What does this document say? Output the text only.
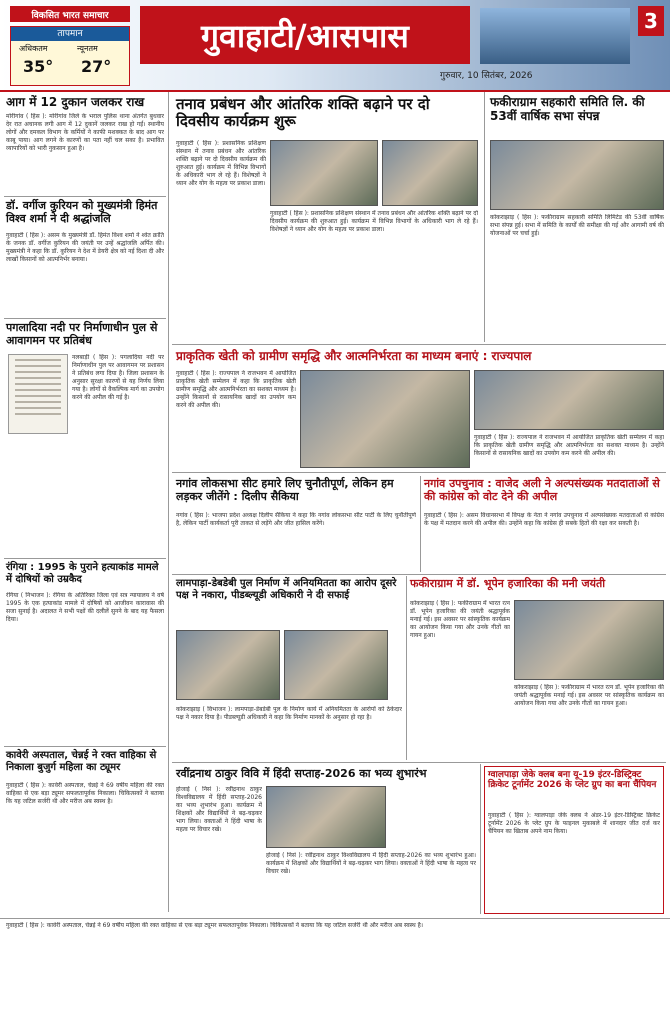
विकसित भारत समाचार
तापमान
अधिकतम	न्यूनतम
35° 27°
गुवाहाटी/आसपास	3
गुरुवार, 10 सितंबर, 2026
आग में 12 दुकान जलकर राख
मोरीगांव ( हिंस ): मोरीगांव जिले के भराल पुलिस थाना अंतर्गत बुधवार देर रात अचानक लगी आग में 12 दुकानें जलकर राख हो गईं। स्थानीय लोगों और दमकल विभाग के कर्मियों ने काफी मशक्कत के बाद आग पर काबू पाया। आग लगने के कारणों का पता नहीं चल सका है। प्रभावित व्यापारियों को भारी नुकसान हुआ है।
डॉ. वर्गीज कुरियन को मुख्यमंत्री हिमंत विश्व शर्मा ने दी श्रद्धांजलि
गुवाहाटी ( हिंस ): असम के मुख्यमंत्री डॉ. हिमंत विश्व शर्मा ने श्वेत क्रांति के जनक डॉ. वर्गीज कुरियन की जयंती पर उन्हें श्रद्धांजलि अर्पित की। मुख्यमंत्री ने कहा कि डॉ. कुरियन ने देश में डेयरी क्षेत्र को नई दिशा दी और लाखों किसानों को आत्मनिर्भर बनाया।
पगलादिया नदी पर निर्माणाधीन पुल से आवागमन पर प्रतिबंध
नलबाड़ी ( हिंस ): पगलादिया नदी पर निर्माणाधीन पुल पर आवागमन पर प्रशासन ने प्रतिबंध लगा दिया है। जिला प्रशासन के अनुसार सुरक्षा कारणों से यह निर्णय लिया गया है। लोगों से वैकल्पिक मार्ग का उपयोग करने की अपील की गई है।
रंगिया : 1995 के पुराने हत्याकांड मामले में दोषियों को उम्रकैद
रंगिया ( निभाजन ): रंगिया के अतिरिक्त जिला एवं सत्र न्यायालय ने वर्ष 1995 के एक हत्याकांड मामले में दोषियों को आजीवन कारावास की सजा सुनाई है। अदालत ने सभी पक्षों की दलीलें सुनने के बाद यह फैसला दिया।
कावेरी अस्पताल, चेन्नई ने रक्त वाहिका से निकाला बुजुर्ग महिला का ट्यूमर
गुवाहाटी ( हिंस ): कावेरी अस्पताल, चेन्नई ने 69 वर्षीय महिला की रक्त वाहिका से एक बड़ा ट्यूमर सफलतापूर्वक निकाला। चिकित्सकों ने बताया कि यह जटिल सर्जरी थी और मरीज अब स्वस्थ है।
तनाव प्रबंधन और आंतरिक शक्ति बढ़ाने पर दो दिवसीय कार्यक्रम शुरू
गुवाहाटी ( हिंस ): प्रशासनिक प्रशिक्षण संस्थान में तनाव प्रबंधन और आंतरिक शक्ति बढ़ाने पर दो दिवसीय कार्यक्रम की शुरुआत हुई। कार्यक्रम में विभिन्न विभागों के अधिकारी भाग ले रहे हैं। विशेषज्ञों ने ध्यान और योग के महत्व पर प्रकाश डाला।
गुवाहाटी ( हिंस ): प्रशासनिक प्रशिक्षण संस्थान में तनाव प्रबंधन और आंतरिक शक्ति बढ़ाने पर दो दिवसीय कार्यक्रम की शुरुआत हुई। कार्यक्रम में विभिन्न विभागों के अधिकारी भाग ले रहे हैं। विशेषज्ञों ने ध्यान और योग के महत्व पर प्रकाश डाला।
फकीराग्राम सहकारी समिति लि. की 53वीं वार्षिक सभा संपन्न
कोकराझाड़ ( हिंस ): फकीराग्राम सहकारी समिति लिमिटेड की 53वीं वार्षिक सभा संपन्न हुई। सभा में समिति के कार्यों की समीक्षा की गई और आगामी वर्ष की योजनाओं पर चर्चा हुई।
प्राकृतिक खेती को ग्रामीण समृद्धि और आत्मनिर्भरता का माध्यम बनाएं : राज्यपाल
गुवाहाटी ( हिंस ): राज्यपाल ने राजभवन में आयोजित प्राकृतिक खेती सम्मेलन में कहा कि प्राकृतिक खेती ग्रामीण समृद्धि और आत्मनिर्भरता का सशक्त माध्यम है। उन्होंने किसानों से रासायनिक खादों का उपयोग कम करने की अपील की।
गुवाहाटी ( हिंस ): राज्यपाल ने राजभवन में आयोजित प्राकृतिक खेती सम्मेलन में कहा कि प्राकृतिक खेती ग्रामीण समृद्धि और आत्मनिर्भरता का सशक्त माध्यम है। उन्होंने किसानों से रासायनिक खादों का उपयोग कम करने की अपील की।
नगांव लोकसभा सीट हमारे लिए चुनौतीपूर्ण, लेकिन हम लड़कर जीतेंगे : दिलीप सैकिया
नगांव ( हिंस ): भाजपा प्रदेश अध्यक्ष दिलीप सैकिया ने कहा कि नगांव लोकसभा सीट पार्टी के लिए चुनौतीपूर्ण है, लेकिन पार्टी कार्यकर्ता पूरी ताकत से लड़ेंगे और जीत हासिल करेंगे।
नगांव उपचुनाव : वाजेद अली ने अल्पसंख्यक मतदाताओं से की कांग्रेस को वोट देने की अपील
गुवाहाटी ( हिंस ): असम विधानसभा में विपक्ष के नेता ने नगांव उपचुनाव में अल्पसंख्यक मतदाताओं से कांग्रेस के पक्ष में मतदान करने की अपील की। उन्होंने कहा कि कांग्रेस ही सबके हितों की रक्षा कर सकती है।
लामपाड़ा-डेबडेबी पुल निर्माण में अनियमितता का आरोप दूसरे पक्ष ने नकारा, पीडब्ल्यूडी अधिकारी ने दी सफाई
कोकराझाड़ ( विभाजन ): लामपाड़ा-डेबडेबी पुल के निर्माण कार्य में अनियमितता के आरोपों को ठेकेदार पक्ष ने नकार दिया है। पीडब्ल्यूडी अधिकारी ने कहा कि निर्माण मानकों के अनुसार हो रहा है।
फकीराग्राम में डॉ. भूपेन हजारिका की मनी जयंती
कोकराझाड़ ( हिंस ): फकीराग्राम में भारत रत्न डॉ. भूपेन हजारिका की जयंती श्रद्धापूर्वक मनाई गई। इस अवसर पर सांस्कृतिक कार्यक्रम का आयोजन किया गया और उनके गीतों का गायन हुआ।
कोकराझाड़ ( हिंस ): फकीराग्राम में भारत रत्न डॉ. भूपेन हजारिका की जयंती श्रद्धापूर्वक मनाई गई। इस अवसर पर सांस्कृतिक कार्यक्रम का आयोजन किया गया और उनके गीतों का गायन हुआ।
रवींद्रनाथ ठाकुर विवि में हिंदी सप्ताह-2026 का भव्य शुभारंभ
होजाई ( निसं ): रवींद्रनाथ ठाकुर विश्वविद्यालय में हिंदी सप्ताह-2026 का भव्य शुभारंभ हुआ। कार्यक्रम में शिक्षकों और विद्यार्थियों ने बढ़-चढ़कर भाग लिया। वक्ताओं ने हिंदी भाषा के महत्व पर विचार रखे।
होजाई ( निसं ): रवींद्रनाथ ठाकुर विश्वविद्यालय में हिंदी सप्ताह-2026 का भव्य शुभारंभ हुआ। कार्यक्रम में शिक्षकों और विद्यार्थियों ने बढ़-चढ़कर भाग लिया। वक्ताओं ने हिंदी भाषा के महत्व पर विचार रखे।
ग्वालपाड़ा जेके क्लब बना यू-19 इंटर-डिस्ट्रिक्ट क्रिकेट टूर्नामेंट 2026 के प्लेट ग्रुप का बना चैंपियन
गुवाहाटी ( हिंस ): ग्वालपाड़ा जेके क्लब ने अंडर-19 इंटर-डिस्ट्रिक्ट क्रिकेट टूर्नामेंट 2026 के प्लेट ग्रुप के फाइनल मुकाबले में शानदार जीत दर्ज कर चैंपियन का खिताब अपने नाम किया।
गुवाहाटी ( हिंस ): कावेरी अस्पताल, चेन्नई ने 69 वर्षीय महिला की रक्त वाहिका से एक बड़ा ट्यूमर सफलतापूर्वक निकाला। चिकित्सकों ने बताया कि यह जटिल सर्जरी थी और मरीज अब स्वस्थ है।
